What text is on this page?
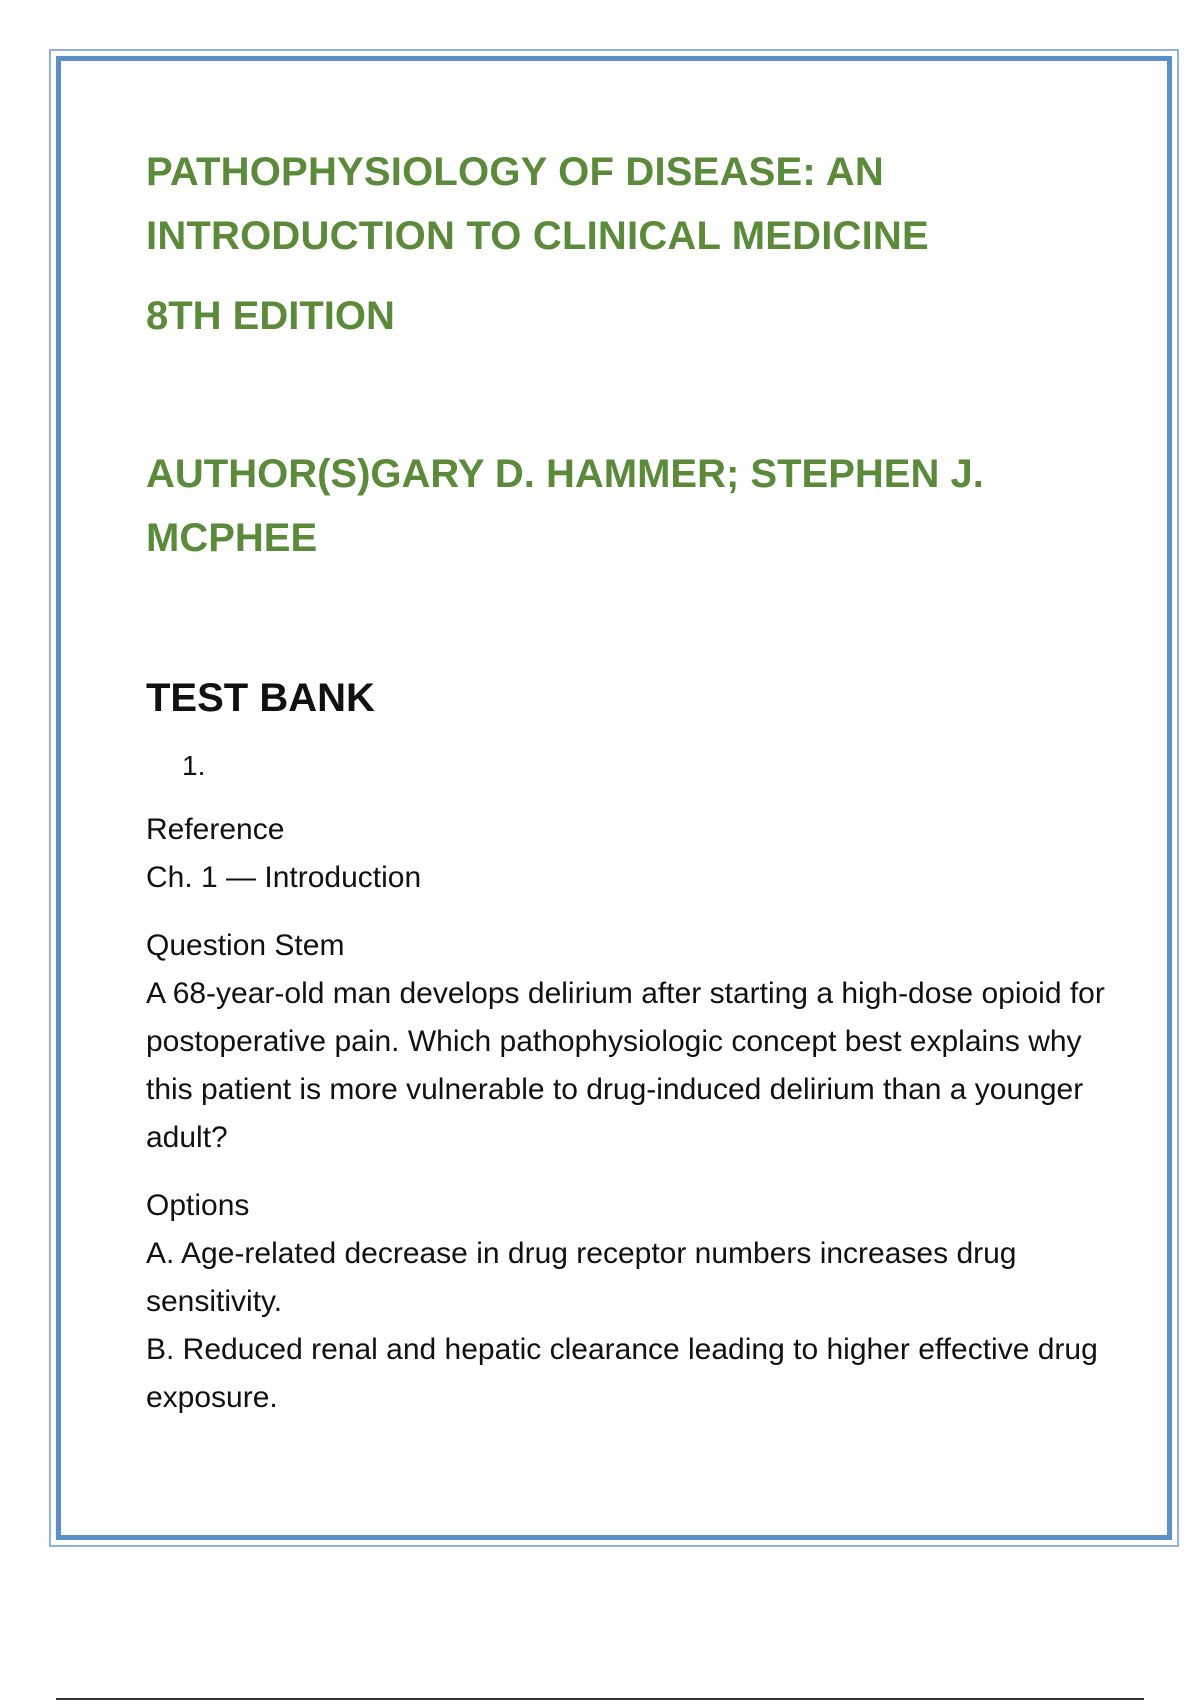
PATHOPHYSIOLOGY OF DISEASE: AN
INTRODUCTION TO CLINICAL MEDICINE
8TH EDITION
AUTHOR(S)GARY D. HAMMER; STEPHEN J.
MCPHEE
TEST BANK
1.
Reference
Ch. 1 — Introduction
Question Stem
A 68-year-old man develops delirium after starting a high-dose opioid for postoperative pain. Which pathophysiologic concept best explains why this patient is more vulnerable to drug-induced delirium than a younger adult?
Options
A. Age-related decrease in drug receptor numbers increases drug sensitivity.
B. Reduced renal and hepatic clearance leading to higher effective drug exposure.
